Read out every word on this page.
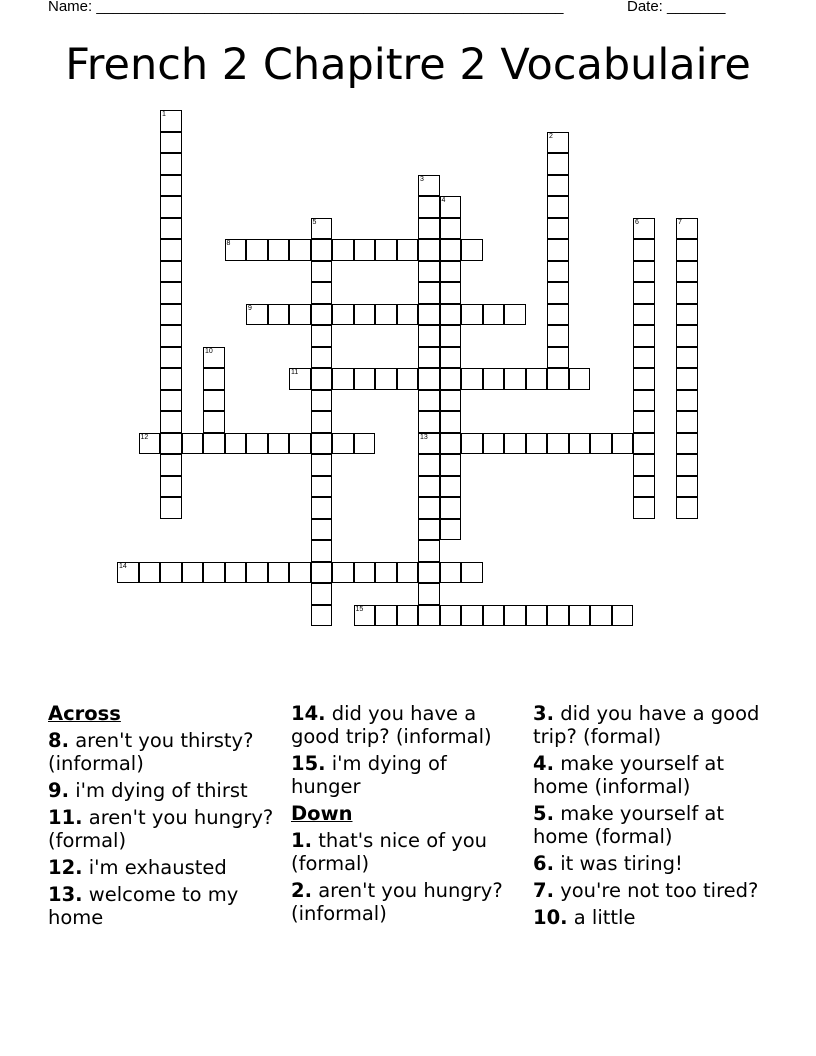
Name: ________________________________________________________	Date: _______
French 2 Chapitre 2 Vocabulaire
1
2
3
4
5	6	7
8
9
10
11
12	13
14
15
Across
8. aren't you thirsty? (informal)
9. i'm dying of thirst
11. aren't you hungry? (formal)
12. i'm exhausted
13. welcome to my home
14. did you have a good trip? (informal)
15. i'm dying of hunger
Down
1. that's nice of you (formal)
2. aren't you hungry? (informal)
3. did you have a good trip? (formal)
4. make yourself at home (informal)
5. make yourself at home (formal)
6. it was tiring!
7. you're not too tired?
10. a little
